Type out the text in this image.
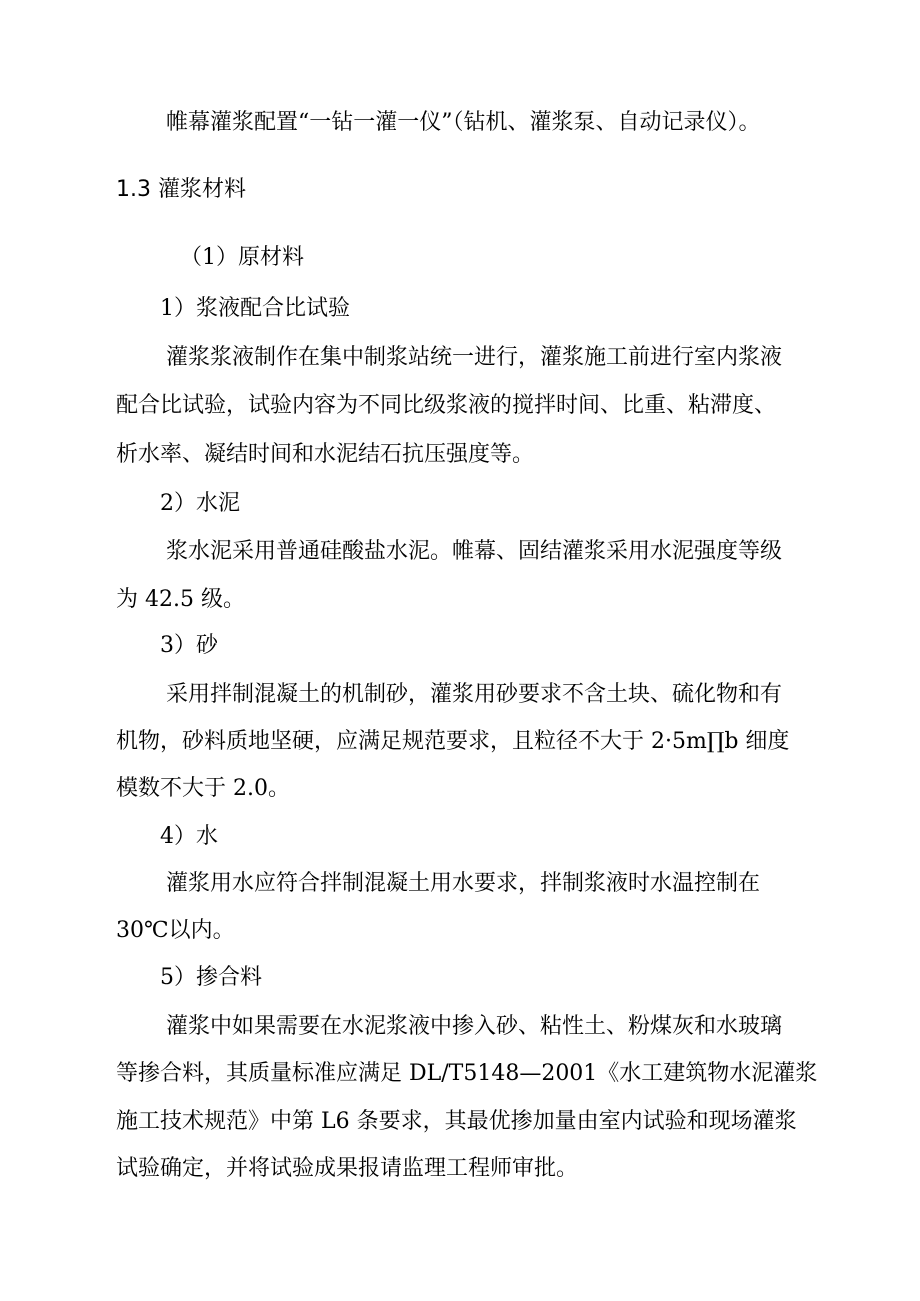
帷幕灌浆配置“一钻一灌一仪”（钻机、灌浆泵、自动记录仪）。
1.3 灌浆材料
（1）原材料
1）浆液配合比试验
灌浆浆液制作在集中制浆站统一进行，灌浆施工前进行室内浆液
配合比试验，试验内容为不同比级浆液的搅拌时间、比重、粘滞度、
析水率、凝结时间和水泥结石抗压强度等。
2）水泥
浆水泥采用普通硅酸盐水泥。帷幕、固结灌浆采用水泥强度等级
为 42.5 级。
3）砂
采用拌制混凝土的机制砂，灌浆用砂要求不含土块、硫化物和有
机物，砂料质地坚硬，应满足规范要求，且粒径不大于 2·5m∏b 细度
模数不大于 2.0。
4）水
灌浆用水应符合拌制混凝土用水要求，拌制浆液时水温控制在
30℃以内。
5）掺合料
灌浆中如果需要在水泥浆液中掺入砂、粘性土、粉煤灰和水玻璃
等掺合料，其质量标准应满足 DL/T5148—2001《水工建筑物水泥灌浆
施工技术规范》中第 L6 条要求，其最优掺加量由室内试验和现场灌浆
试验确定，并将试验成果报请监理工程师审批。
